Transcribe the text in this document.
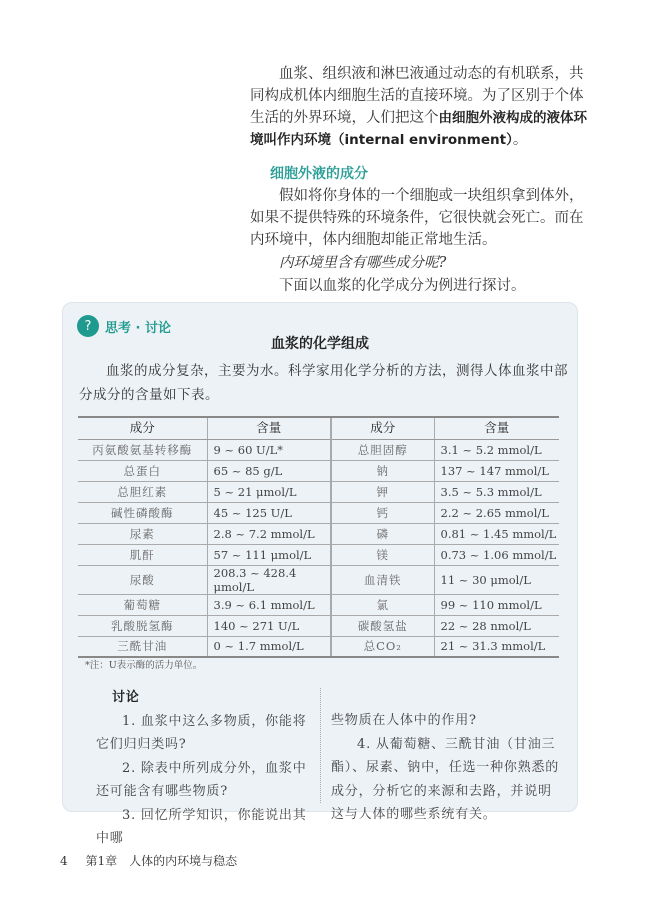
血浆、组织液和淋巴液通过动态的有机联系，共同构成机体内细胞生活的直接环境。为了区别于个体生活的外界环境，人们把这个由细胞外液构成的液体环境叫作内环境（internal environment）。

细胞外液的成分

假如将你身体的一个细胞或一块组织拿到体外，如果不提供特殊的环境条件，它很快就会死亡。而在内环境中，体内细胞却能正常地生活。

内环境里含有哪些成分呢?

下面以血浆的化学成分为例进行探讨。

?	思考 · 讨论
血浆的化学组成

血浆的成分复杂，主要为水。科学家用化学分析的方法，测得人体血浆中部分成分的含量如下表。

成分	含量	成分	含量
丙氨酸氨基转移酶	9 ~ 60 U/L*	总胆固醇	3.1 ~ 5.2 mmol/L
总蛋白	65 ~ 85 g/L	钠	137 ~ 147 mmol/L
总胆红素	5 ~ 21 μmol/L	钾	3.5 ~ 5.3 mmol/L
碱性磷酸酶	45 ~ 125 U/L	钙	2.2 ~ 2.65 mmol/L
尿素	2.8 ~ 7.2 mmol/L	磷	0.81 ~ 1.45 mmol/L
肌酐	57 ~ 111 μmol/L	镁	0.73 ~ 1.06 mmol/L
尿酸	208.3 ~ 428.4 μmol/L	血清铁	11 ~ 30 μmol/L
葡萄糖	3.9 ~ 6.1 mmol/L	氯	99 ~ 110 mmol/L
乳酸脱氢酶	140 ~ 271 U/L	碳酸氢盐	22 ~ 28 nmol/L
三酰甘油	0 ~ 1.7 mmol/L	总CO₂	21 ~ 31.3 mmol/L
*注：U表示酶的活力单位。

讨论

1. 血浆中这么多物质，你能将它们归归类吗?

2. 除表中所列成分外，血浆中还可能含有哪些物质?

3. 回忆所学知识，你能说出其中哪

些物质在人体中的作用?

4. 从葡萄糖、三酰甘油（甘油三酯）、尿素、钠中，任选一种你熟悉的成分，分析它的来源和去路，并说明这与人体的哪些系统有关。

4 第1章　人体的内环境与稳态
